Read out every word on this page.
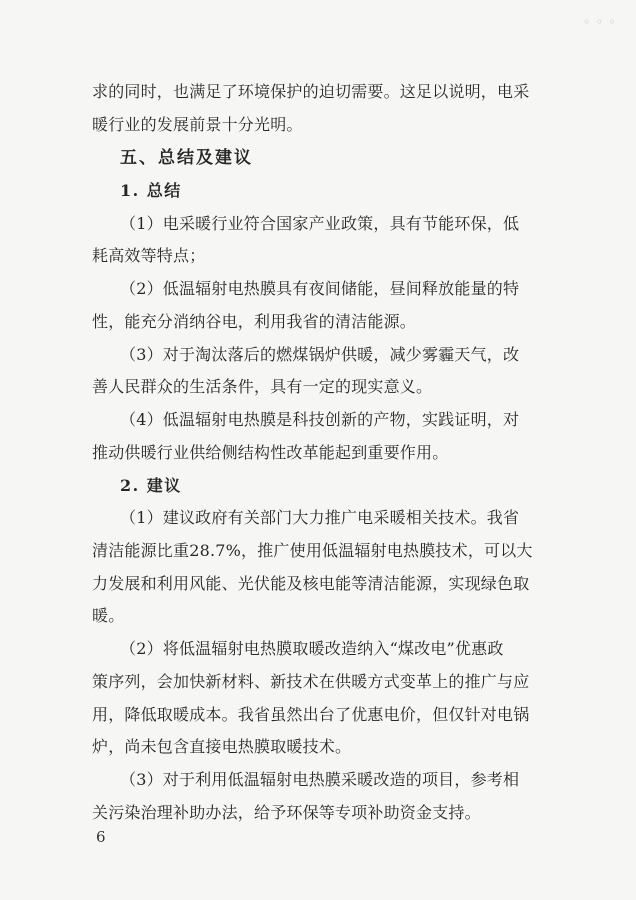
◦ ◦ ◦
求的同时，也满足了环境保护的迫切需要。这足以说明，电采
暖行业的发展前景十分光明。
五、总结及建议
1. 总结
（1）电采暖行业符合国家产业政策，具有节能环保，低
耗高效等特点；
（2）低温辐射电热膜具有夜间储能，昼间释放能量的特
性，能充分消纳谷电，利用我省的清洁能源。
（3）对于淘汰落后的燃煤锅炉供暖，减少雾霾天气，改
善人民群众的生活条件，具有一定的现实意义。
（4）低温辐射电热膜是科技创新的产物，实践证明，对
推动供暖行业供给侧结构性改革能起到重要作用。
2. 建议
（1）建议政府有关部门大力推广电采暖相关技术。我省
清洁能源比重28.7%，推广使用低温辐射电热膜技术，可以大
力发展和利用风能、光伏能及核电能等清洁能源，实现绿色取
暖。
（2）将低温辐射电热膜取暖改造纳入“煤改电”优惠政
策序列，会加快新材料、新技术在供暖方式变革上的推广与应
用，降低取暖成本。我省虽然出台了优惠电价，但仅针对电锅
炉，尚未包含直接电热膜取暖技术。
（3）对于利用低温辐射电热膜采暖改造的项目，参考相
关污染治理补助办法，给予环保等专项补助资金支持。
6
